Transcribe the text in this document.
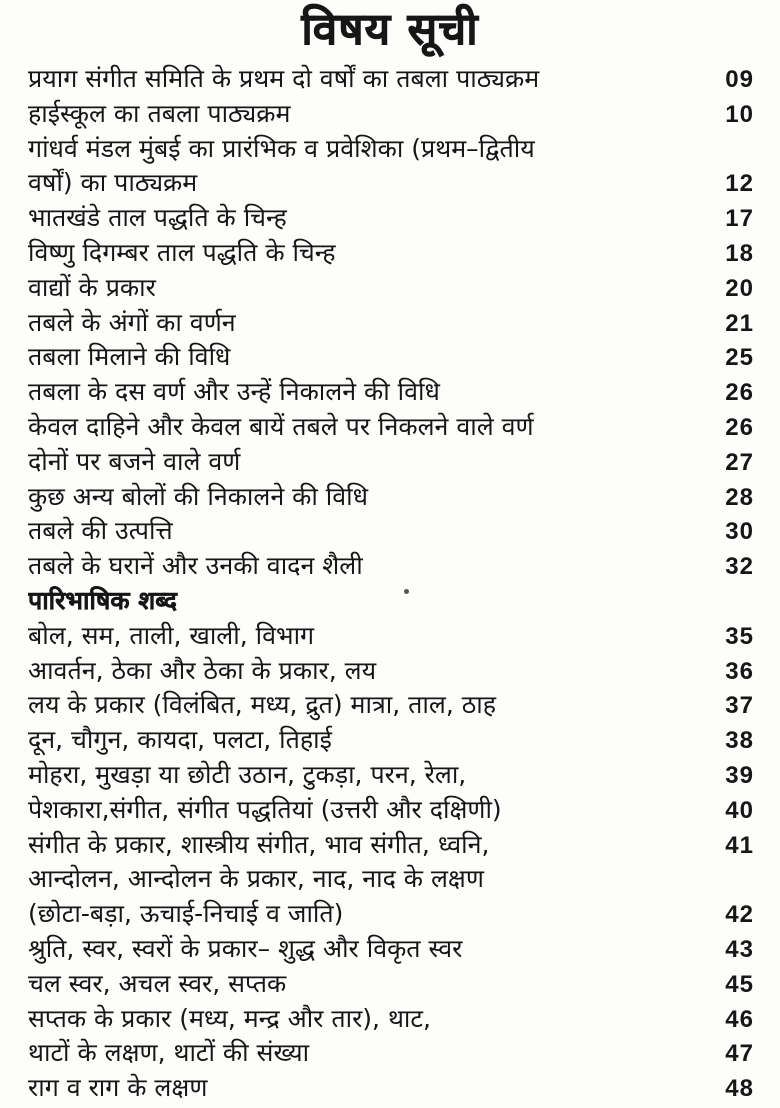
विषय सूची
प्रयाग संगीत समिति के प्रथम दो वर्षों का तबला पाठ्यक्रम	09
हाईस्कूल का तबला पाठ्यक्रम	10
गांधर्व मंडल मुंबई का प्रारंभिक व प्रवेशिका (प्रथम–द्वितीय
वर्षों) का पाठ्यक्रम	12
भातखंडे ताल पद्धति के चिन्ह	17
विष्णु दिगम्बर ताल पद्धति के चिन्ह	18
वाद्यों के प्रकार	20
तबले के अंगों का वर्णन	21
तबला मिलाने की विधि	25
तबला के दस वर्ण और उन्हें निकालने की विधि	26
केवल दाहिने और केवल बायें तबले पर निकलने वाले वर्ण	26
दोनों पर बजने वाले वर्ण	27
कुछ अन्य बोलों की निकालने की विधि	28
तबले की उत्पत्ति	30
तबले के घरानें और उनकी वादन शैली	32
पारिभाषिक शब्द
बोल, सम, ताली, खाली, विभाग	35
आवर्तन, ठेका और ठेका के प्रकार, लय	36
लय के प्रकार (विलंबित, मध्य, द्रुत) मात्रा, ताल, ठाह	37
दून, चौगुन, कायदा, पलटा, तिहाई	38
मोहरा, मुखड़ा या छोटी उठान, टुकड़ा, परन, रेला,	39
पेशकारा,संगीत, संगीत पद्धतियां (उत्तरी और दक्षिणी)	40
संगीत के प्रकार, शास्त्रीय संगीत, भाव संगीत, ध्वनि,	41
आन्दोलन, आन्दोलन के प्रकार, नाद, नाद के लक्षण
(छोटा-बड़ा, ऊचाई-निचाई व जाति)	42
श्रुति, स्वर, स्वरों के प्रकार– शुद्ध और विकृत स्वर	43
चल स्वर, अचल स्वर, सप्तक	45
सप्तक के प्रकार (मध्य, मन्द्र और तार), थाट,	46
थाटों के लक्षण, थाटों की संख्या	47
राग व राग के लक्षण	48
